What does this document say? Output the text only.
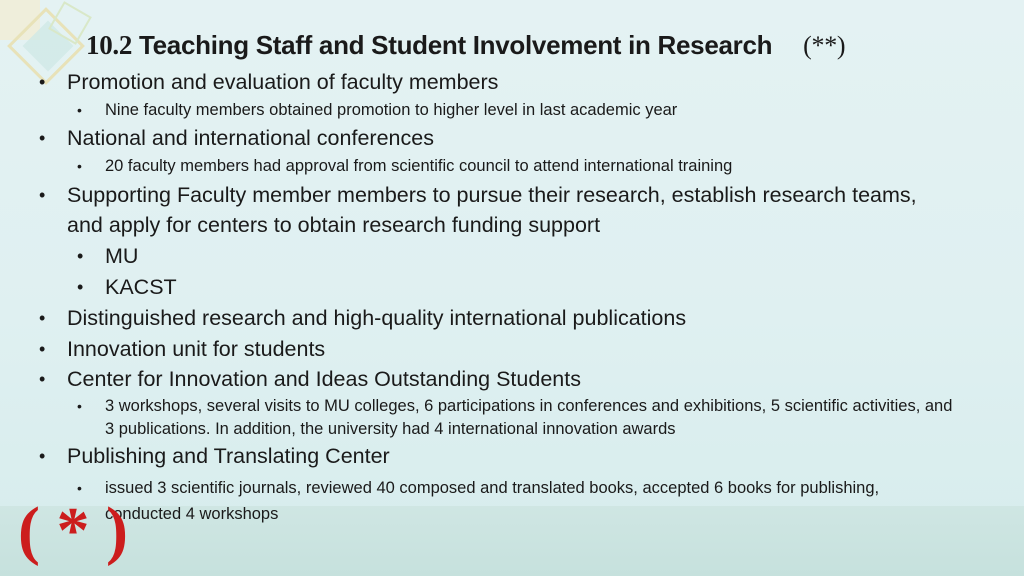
10.2 Teaching Staff and Student Involvement in Research (**)
• Promotion and evaluation of faculty members
• Nine faculty members obtained promotion to higher level in last academic year
• National and international conferences
• 20 faculty members had approval from scientific council to attend international training
• Supporting Faculty member members to pursue their research, establish research teams,
and apply for centers to obtain research funding support
• MU
• KACST
• Distinguished research and high-quality international publications
• Innovation unit for students
• Center for Innovation and Ideas Outstanding Students
• 3 workshops, several visits to MU colleges, 6 participations in conferences and exhibitions, 5 scientific activities, and
3 publications. In addition, the university had 4 international innovation awards
• Publishing and Translating Center
• issued 3 scientific journals, reviewed 40 composed and translated books, accepted 6 books for publishing,
conducted 4 workshops
( * )
